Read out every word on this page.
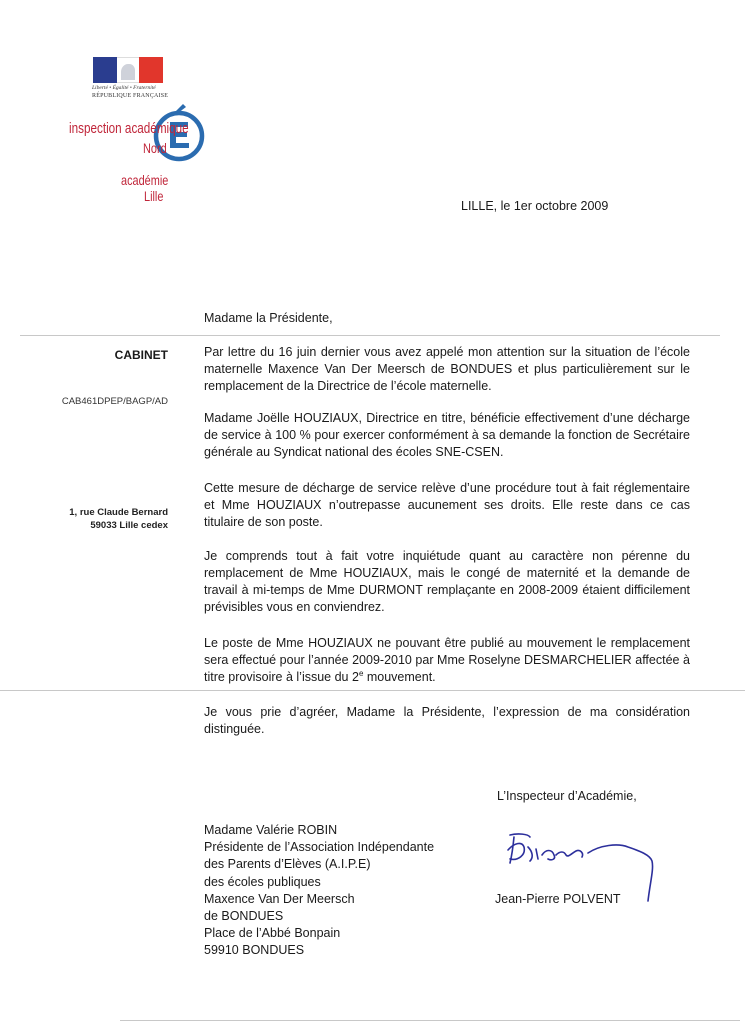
Liberté • Égalité • Fraternité
RÉPUBLIQUE FRANÇAISE
inspection académique
Nord
académie
Lille
LILLE, le 1er octobre 2009
CABINET
CAB461DPEP/BAGP/AD
1, rue Claude Bernard
59033 Lille cedex
Madame la Présidente,

Par lettre du 16 juin dernier vous avez appelé mon attention sur la situation de l’école maternelle Maxence Van Der Meersch de BONDUES et plus particulièrement sur le remplacement de la Directrice de l’école maternelle.

Madame Joëlle HOUZIAUX, Directrice en titre, bénéficie effectivement d’une décharge de service à 100 % pour exercer conformément à sa demande la fonction de Secrétaire générale au Syndicat national des écoles SNE-CSEN.

Cette mesure de décharge de service relève d’une procédure tout à fait réglementaire et Mme HOUZIAUX n’outrepasse aucunement ses droits. Elle reste dans ce cas titulaire de son poste.

Je comprends tout à fait votre inquiétude quant au caractère non pérenne du remplacement de Mme HOUZIAUX, mais le congé de maternité et la demande de travail à mi-temps de Mme DURMONT remplaçante en 2008-2009 étaient difficilement prévisibles vous en conviendrez.

Le poste de Mme HOUZIAUX ne pouvant être publié au mouvement le remplacement sera effectué pour l’année 2009-2010 par Mme Roselyne DESMARCHELIER affectée à titre provisoire à l’issue du 2e mouvement.

Je vous prie d’agréer, Madame la Présidente, l’expression de ma considération distinguée.

L’Inspecteur d’Académie,
Jean-Pierre POLVENT
Madame Valérie ROBIN
Présidente de l’Association Indépendante
des Parents d’Elèves (A.I.P.E)
des écoles publiques
Maxence Van Der Meersch
de BONDUES
Place de l’Abbé Bonpain
59910 BONDUES
